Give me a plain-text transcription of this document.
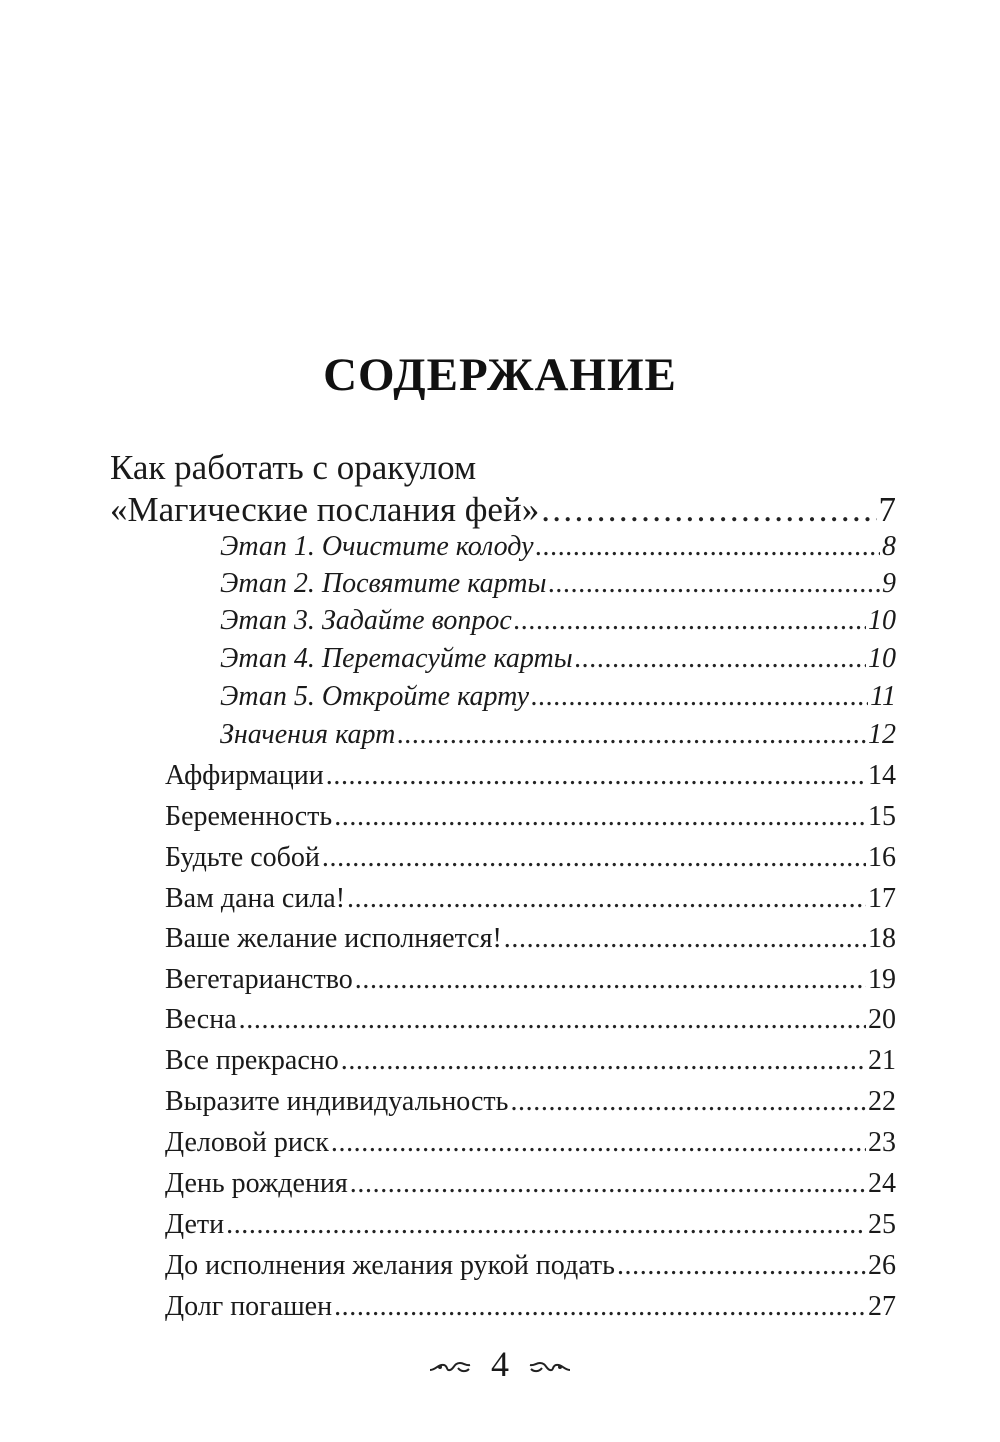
СОДЕРЖАНИЕ
Как работать с оракулом
«Магические послания фей» . . .	7
Этап 1. Очистите колоду . . .	8
Этап 2. Посвятите карты . . .	9
Этап 3. Задайте вопрос . . .	10
Этап 4. Перетасуйте карты . . .	10
Этап 5. Откройте карту . . .	11
Значения карт . . .	12
Аффирмации . . .	14
Беременность . . .	15
Будьте собой . . .	16
Вам дана сила! . . .	17
Ваше желание исполняется! . . .	18
Вегетарианство . . .	19
Весна . . .	20
Все прекрасно . . .	21
Выразите индивидуальность . . .	22
Деловой риск . . .	23
День рождения . . .	24
Дети . . .	25
До исполнения желания рукой подать . . .	26
Долг погашен . . .	27
4
